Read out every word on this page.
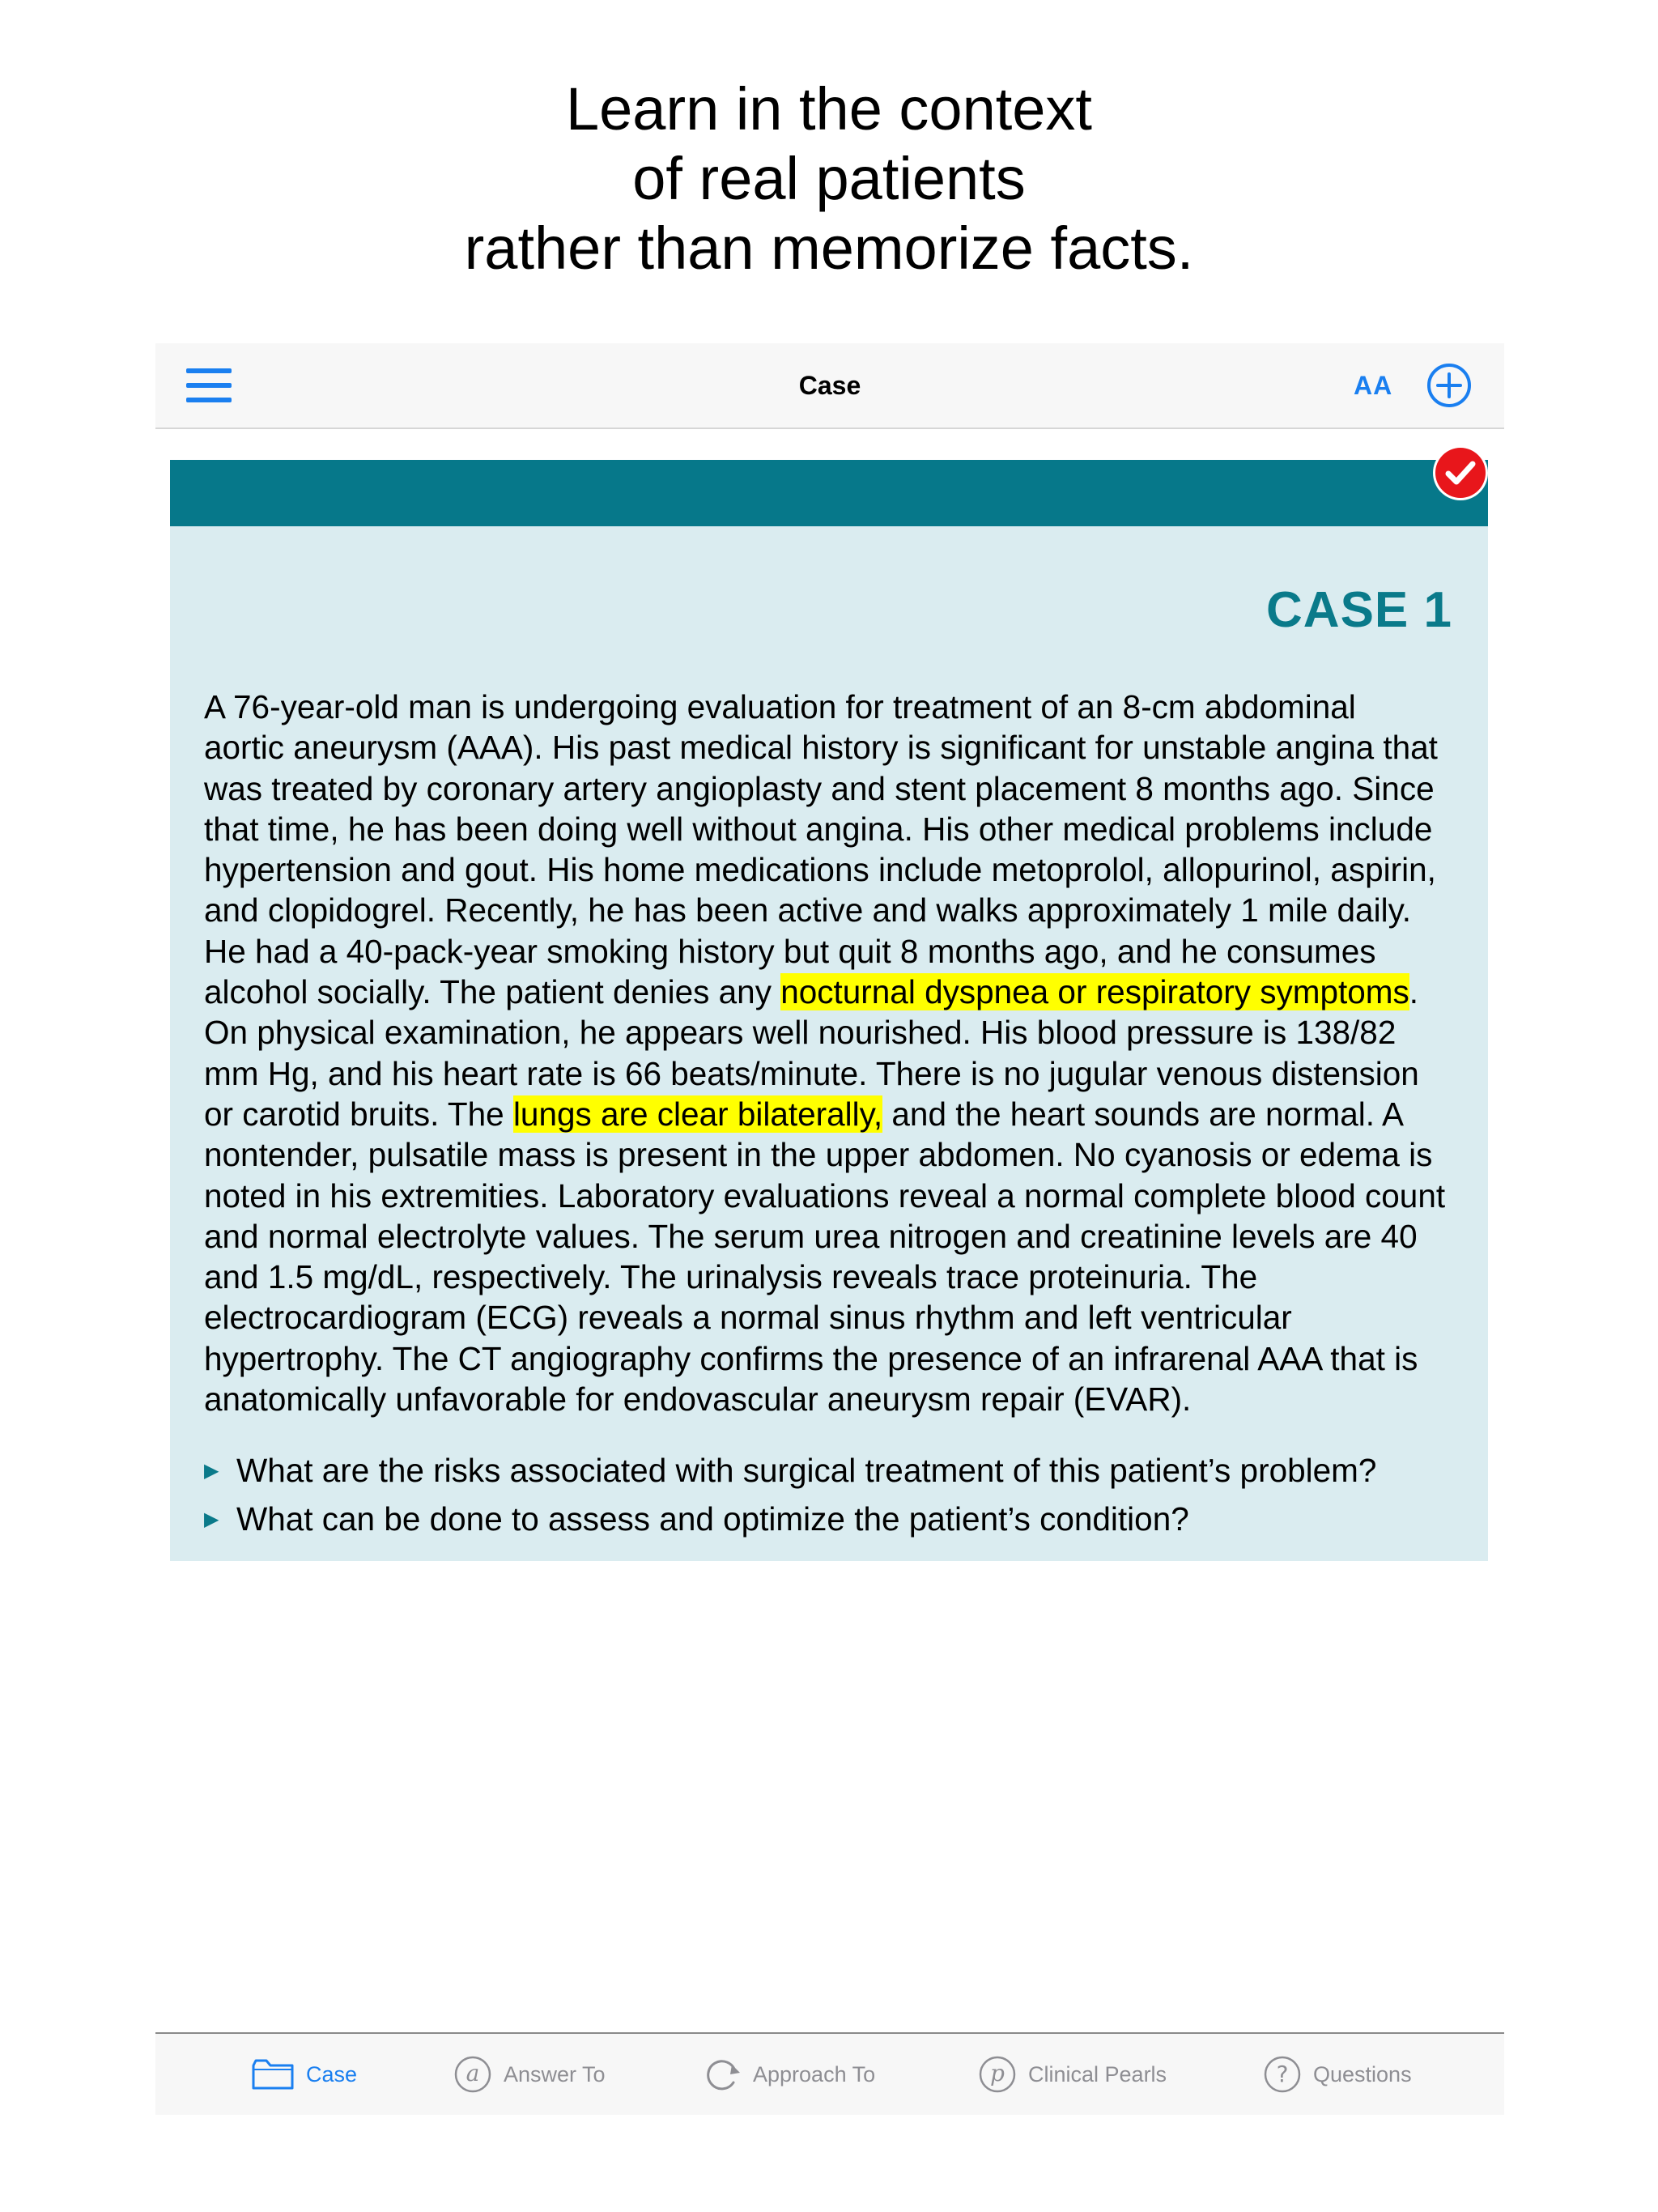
Learn in the context
of real patients
rather than memorize facts.
Case	AA
CASE 1
A 76-year-old man is undergoing evaluation for treatment of an 8-cm abdominal
aortic aneurysm (AAA). His past medical history is significant for unstable angina that
was treated by coronary artery angioplasty and stent placement 8 months ago. Since
that time, he has been doing well without angina. His other medical problems include
hypertension and gout. His home medications include metoprolol, allopurinol, aspirin,
and clopidogrel. Recently, he has been active and walks approximately 1 mile daily.
He had a 40-pack-year smoking history but quit 8 months ago, and he consumes
alcohol socially. The patient denies any nocturnal dyspnea or respiratory symptoms.
On physical examination, he appears well nourished. His blood pressure is 138/82
mm Hg, and his heart rate is 66 beats/minute. There is no jugular venous distension
or carotid bruits. The lungs are clear bilaterally, and the heart sounds are normal. A
nontender, pulsatile mass is present in the upper abdomen. No cyanosis or edema is
noted in his extremities. Laboratory evaluations reveal a normal complete blood count
and normal electrolyte values. The serum urea nitrogen and creatinine levels are 40
and 1.5 mg/dL, respectively. The urinalysis reveals trace proteinuria. The
electrocardiogram (ECG) reveals a normal sinus rhythm and left ventricular
hypertrophy. The CT angiography confirms the presence of an infrarenal AAA that is
anatomically unfavorable for endovascular aneurysm repair (EVAR).
▶ What are the risks associated with surgical treatment of this patient’s problem?
▶ What can be done to assess and optimize the patient’s condition?
Case	a Answer To	Approach To	p Clinical Pearls	? Questions
